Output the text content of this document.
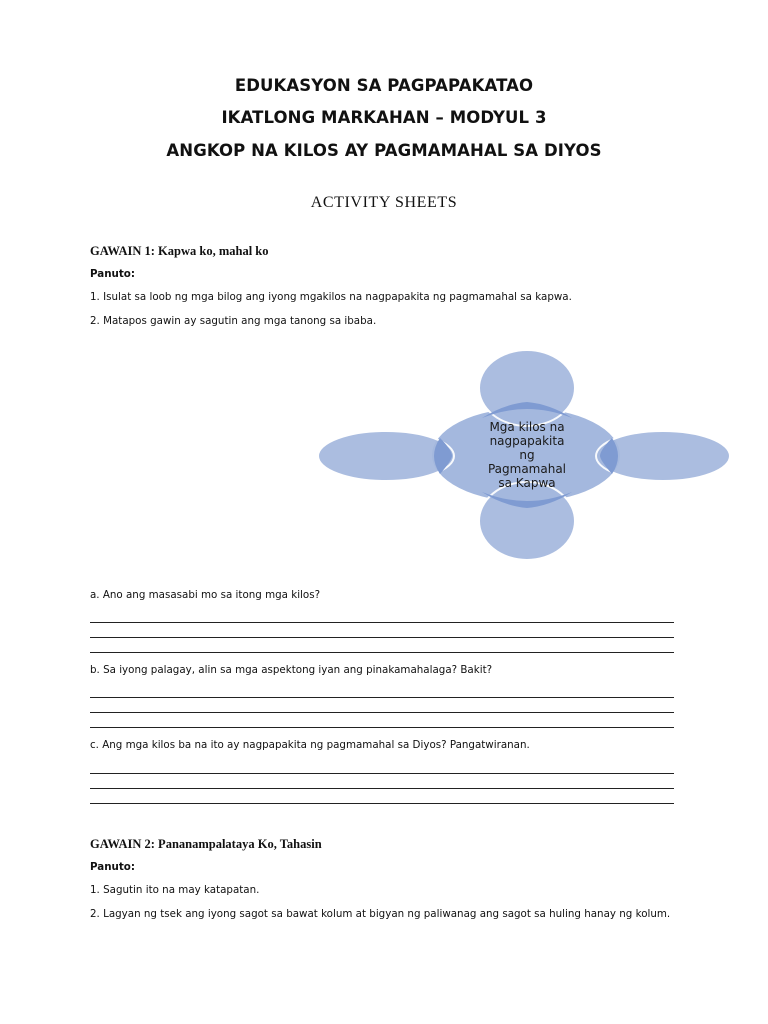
EDUKASYON SA PAGPAPAKATAO
IKATLONG MARKAHAN – MODYUL 3
ANGKOP NA KILOS AY PAGMAMAHAL SA DIYOS
ACTIVITY SHEETS
GAWAIN 1: Kapwa ko, mahal ko
Panuto:
1. Isulat sa loob ng mga bilog ang iyong mgakilos na nagpapakita ng pagmamahal sa kapwa.
2. Matapos gawin ay sagutin ang mga tanong sa ibaba.
Mga kilos na
nagpapakita
ng
Pagmamahal
sa Kapwa
a. Ano ang masasabi mo sa itong mga kilos?
b. Sa iyong palagay, alin sa mga aspektong iyan ang pinakamahalaga? Bakit?
c. Ang mga kilos ba na ito ay nagpapakita ng pagmamahal sa Diyos? Pangatwiranan.
GAWAIN 2: Pananampalataya Ko, Tahasin
Panuto:
1. Sagutin ito na may katapatan.
2. Lagyan ng tsek ang iyong sagot sa bawat kolum at bigyan ng paliwanag ang sagot sa huling hanay ng kolum.
